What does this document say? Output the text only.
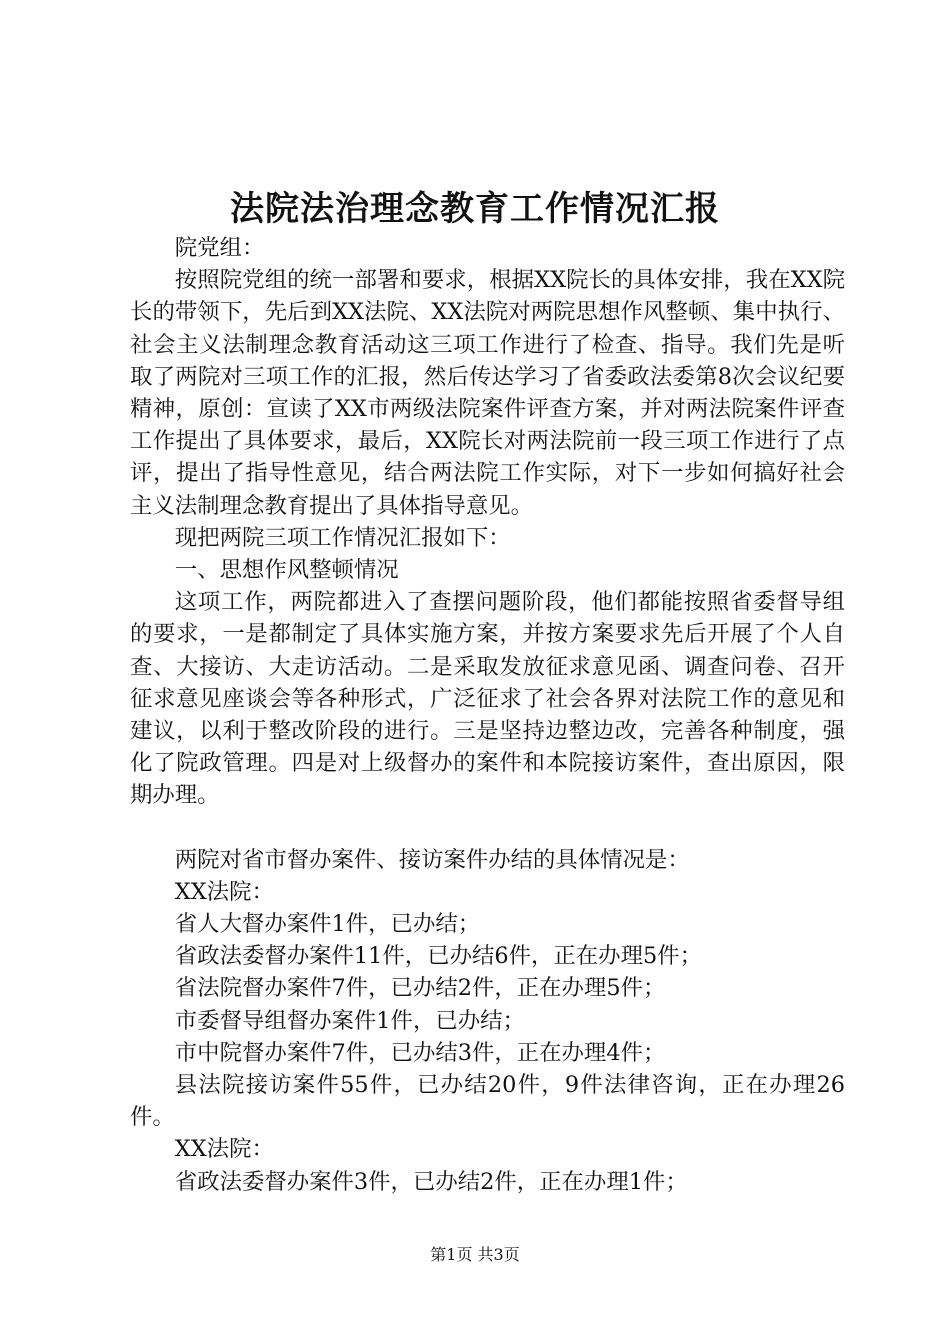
法院法治理念教育工作情况汇报

院党组：

按照院党组的统一部署和要求，根据XX院长的具体安排，我在XX院长的带领下，先后到XX法院、XX法院对两院思想作风整顿、集中执行、社会主义法制理念教育活动这三项工作进行了检查、指导。我们先是听取了两院对三项工作的汇报，然后传达学习了省委政法委第8次会议纪要精神，原创：宣读了XX市两级法院案件评查方案，并对两法院案件评查工作提出了具体要求，最后，XX院长对两法院前一段三项工作进行了点评，提出了指导性意见，结合两法院工作实际，对下一步如何搞好社会主义法制理念教育提出了具体指导意见。

现把两院三项工作情况汇报如下：

一、思想作风整顿情况

这项工作，两院都进入了查摆问题阶段，他们都能按照省委督导组的要求，一是都制定了具体实施方案，并按方案要求先后开展了个人自查、大接访、大走访活动。二是采取发放征求意见函、调查问卷、召开征求意见座谈会等各种形式，广泛征求了社会各界对法院工作的意见和建议，以利于整改阶段的进行。三是坚持边整边改，完善各种制度，强化了院政管理。四是对上级督办的案件和本院接访案件，查出原因，限期办理。

两院对省市督办案件、接访案件办结的具体情况是：

XX法院：

省人大督办案件1件，已办结；

省政法委督办案件11件，已办结6件，正在办理5件；

省法院督办案件7件，已办结2件，正在办理5件；

市委督导组督办案件1件，已办结；

市中院督办案件7件，已办结3件，正在办理4件；

县法院接访案件55件，已办结20件，9件法律咨询，正在办理26件。

XX法院：

省政法委督办案件3件，已办结2件，正在办理1件；

第1页 共3页
